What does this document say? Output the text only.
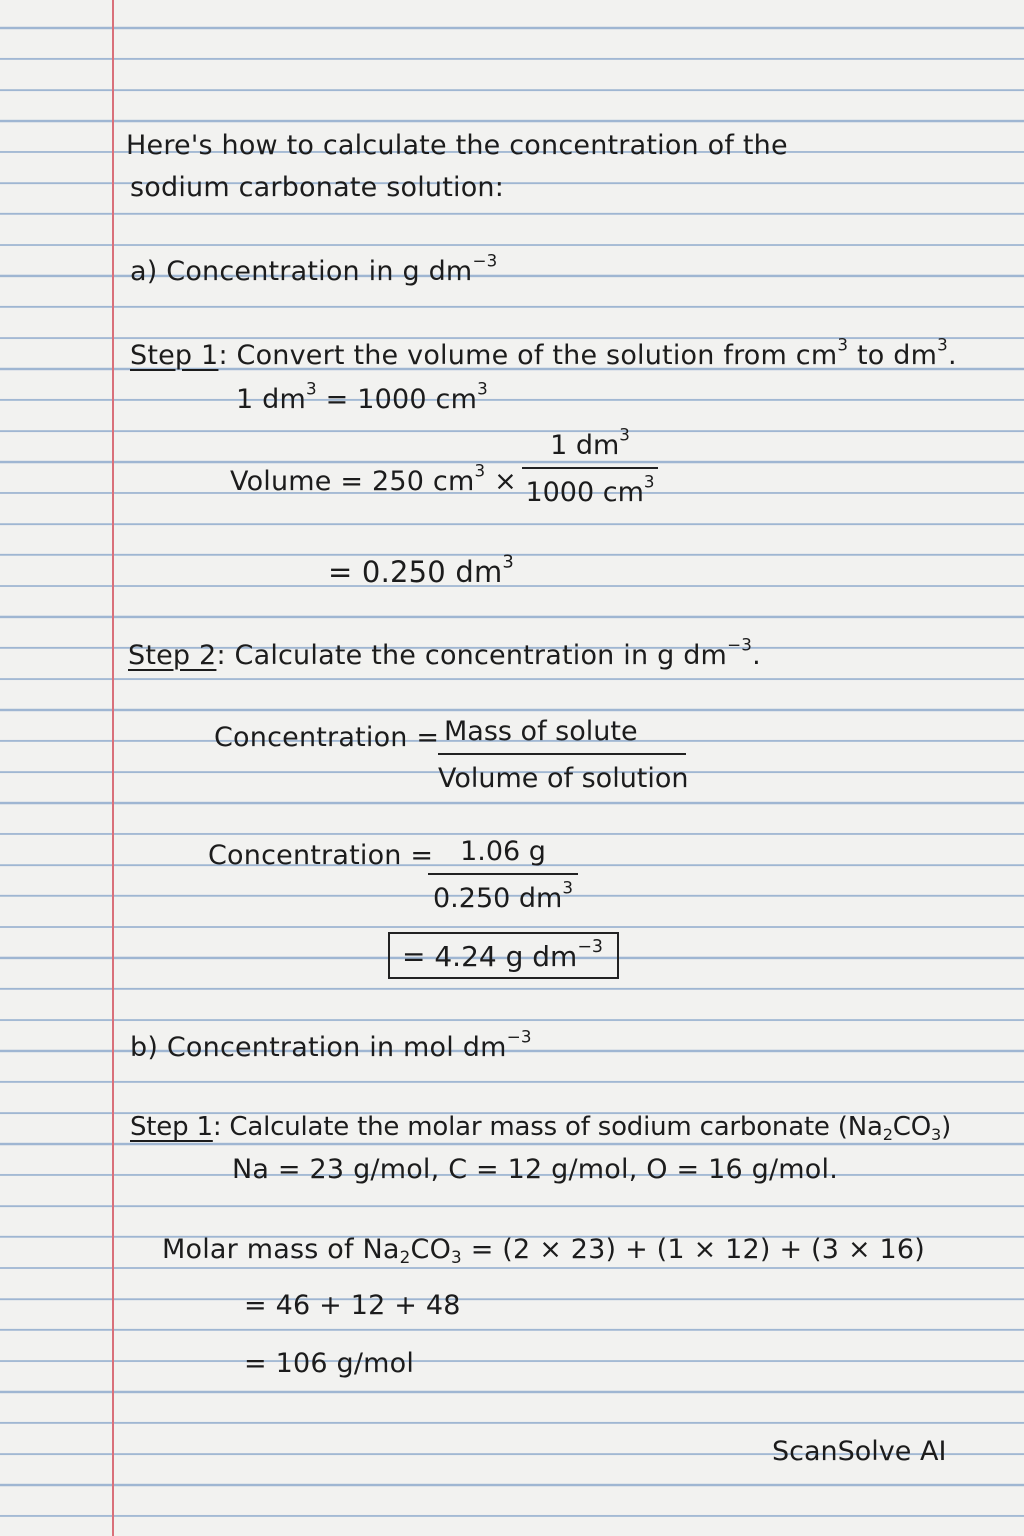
Here's how to calculate the concentration of the
sodium carbonate solution:
a) Concentration in g $dm^{-3}$
Step 1: Convert the volume of the solution from $cm^3$ to $dm^3$.
1 $dm^3 = 1000$ $cm^3$
Volume = 250 $cm^3$ ×
1 $dm^3$
1000 $cm^3$
= 0.250 $dm^3$
Step 2: Calculate the concentration in g $dm^{-3}$.
Concentration = Mass of solute
Volume of solution
Concentration = 1.06 g
0.250 $dm^3$
= 4.24 g $dm^{-3}$
b) Concentration in mol $dm^{-3}$
Step 1: Calculate the molar mass of sodium carbonate $(Na_2CO_3)$
Na = 23 g/mol, C = 12 g/mol, O = 16 g/mol.
Molar mass of $Na_2CO_3 = (2 \times 23) + (1 \times 12) + (3 \times 16)$
= 46 + 12 + 48
= 106 g/mol
ScanSolve AI
